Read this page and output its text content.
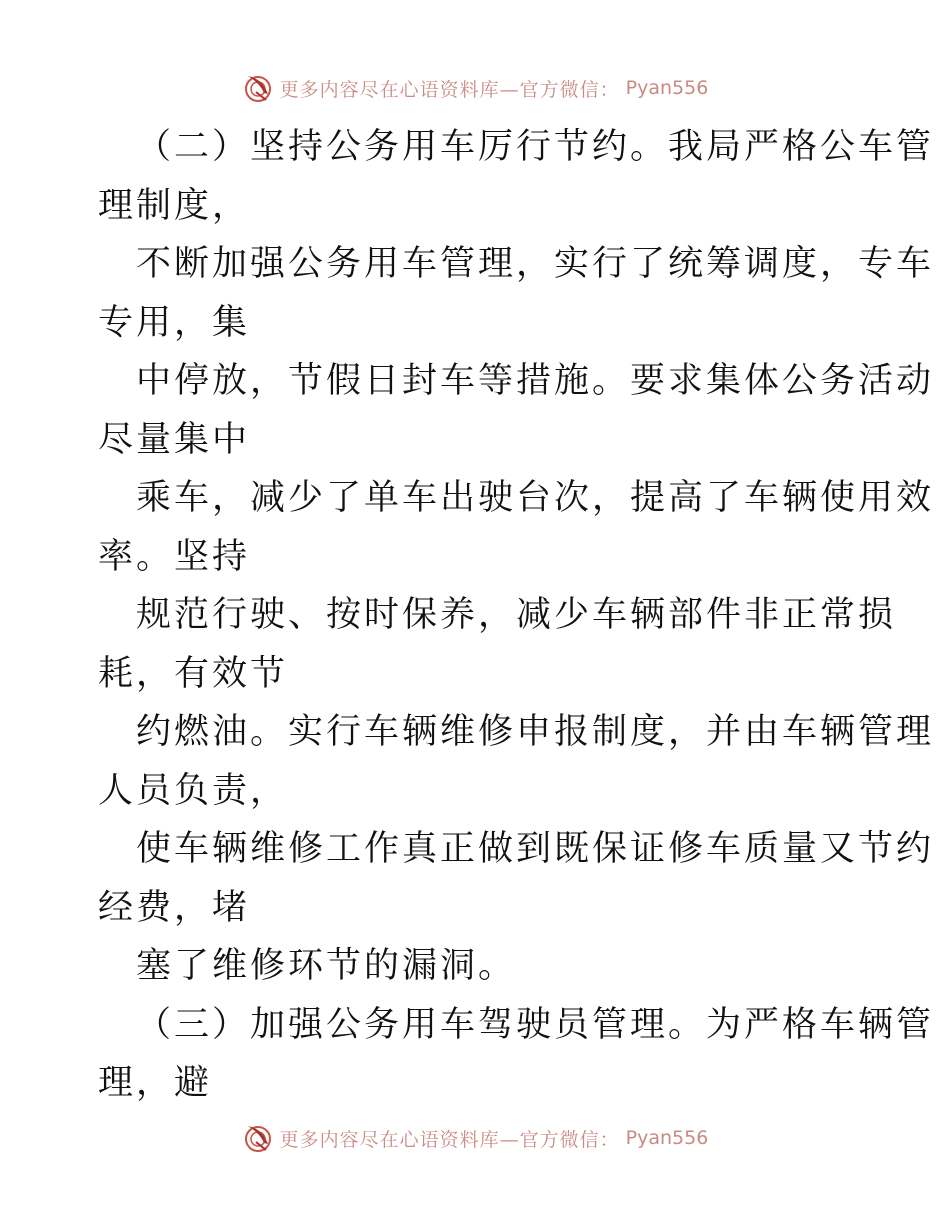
更多内容尽在心语资料库—官方微信： Pyan556
（二）坚持公务用车厉行节约。我局严格公车管
理制度，
不断加强公务用车管理，实行了统筹调度，专车
专用，集
中停放，节假日封车等措施。要求集体公务活动
尽量集中
乘车，减少了单车出驶台次，提高了车辆使用效
率。坚持
规范行驶、按时保养，减少车辆部件非正常损
耗，有效节
约燃油。实行车辆维修申报制度，并由车辆管理
人员负责，
使车辆维修工作真正做到既保证修车质量又节约
经费，堵
塞了维修环节的漏洞。
（三）加强公务用车驾驶员管理。为严格车辆管
理，避
更多内容尽在心语资料库—官方微信： Pyan556
